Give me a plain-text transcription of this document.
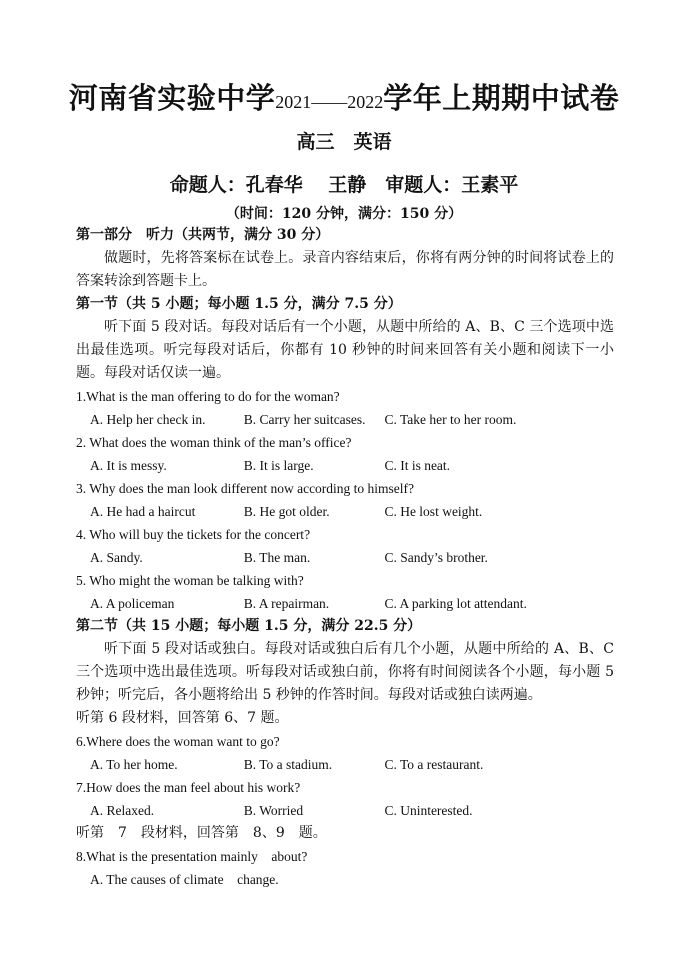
河南省实验中学2021——2022学年上期期中试卷
高三　英语
命题人：孔春华　 王静　审题人：王素平
（时间：120 分钟，满分：150 分）
第一部分　听力（共两节，满分 30 分）
做题时，先将答案标在试卷上。录音内容结束后，你将有两分钟的时间将试卷上的答案转涂到答题卡上。
第一节（共 5 小题；每小题 1.5 分，满分 7.5 分）
听下面 5 段对话。每段对话后有一个小题，从题中所给的 A、B、C 三个选项中选出最佳选项。听完每段对话后，你都有 10 秒钟的时间来回答有关小题和阅读下一小题。每段对话仅读一遍。
1.What is the man offering to do for the woman?
A. Help her check in.	B. Carry her suitcases.	C. Take her to her room.
2. What does the woman think of the man’s office?
A. It is messy.	B. It is large.	C. It is neat.
3. Why does the man look different now according to himself?
A. He had a haircut	B. He got older.	C. He lost weight.
4. Who will buy the tickets for the concert?
A. Sandy.	B. The man.	C. Sandy’s brother.
5. Who might the woman be talking with?
A. A policeman	B. A repairman.	C. A parking lot attendant.
第二节（共 15 小题；每小题 1.5 分，满分 22.5 分）
听下面 5 段对话或独白。每段对话或独白后有几个小题，从题中所给的 A、B、C 三个选项中选出最佳选项。听每段对话或独白前，你将有时间阅读各个小题，每小题 5 秒钟；听完后，各小题将给出 5 秒钟的作答时间。每段对话或独白读两遍。
听第 6 段材料，回答第 6、7 题。
6.Where does the woman want to go?
A. To her home.	B. To a stadium.	C. To a restaurant.
7.How does the man feel about his work?
A. Relaxed.	B. Worried	C. Uninterested.
听第　7　段材料，回答第　8、9　题。
8.What is the presentation mainly　about?
A. The causes of climate　change.
